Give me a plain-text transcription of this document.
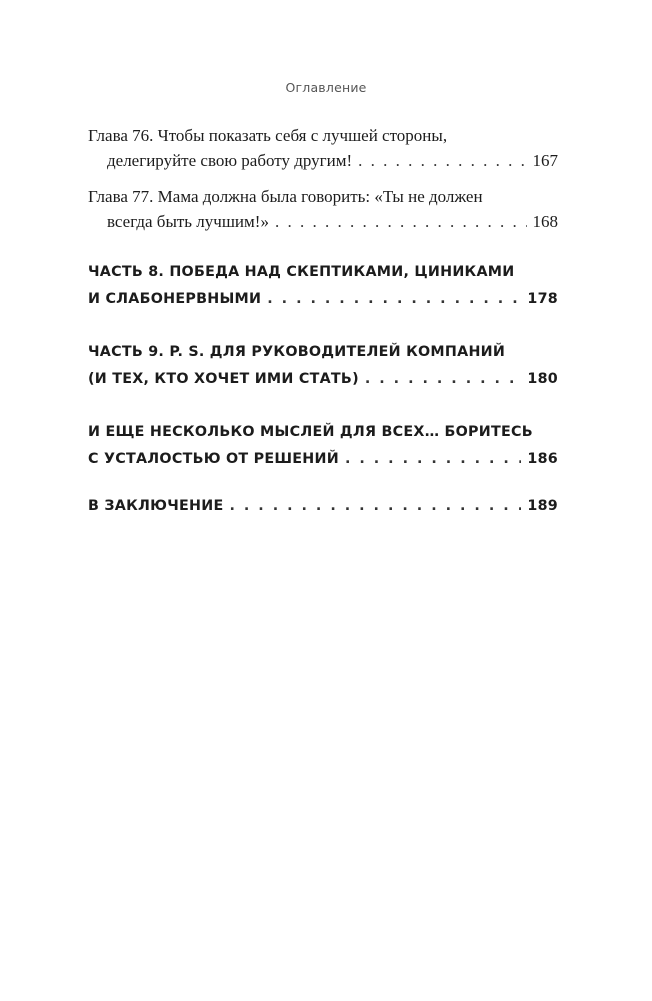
Оглавление
Глава 76. Чтобы показать себя с лучшей стороны,
делегируйте свою работу другим! . . .	167
Глава 77. Мама должна была говорить: «Ты не должен
всегда быть лучшим!» . . .	168
ЧАСТЬ 8. ПОБЕДА НАД СКЕПТИКАМИ, ЦИНИКАМИ
И СЛАБОНЕРВНЫМИ . . .	178
ЧАСТЬ 9. P. S. ДЛЯ РУКОВОДИТЕЛЕЙ КОМПАНИЙ
(И ТЕХ, КТО ХОЧЕТ ИМИ СТАТЬ) . . .	180
И ЕЩЕ НЕСКОЛЬКО МЫСЛЕЙ ДЛЯ ВСЕХ… БОРИТЕСЬ
С УСТАЛОСТЬЮ ОТ РЕШЕНИЙ . . .	186
В ЗАКЛЮЧЕНИЕ . . .	189
